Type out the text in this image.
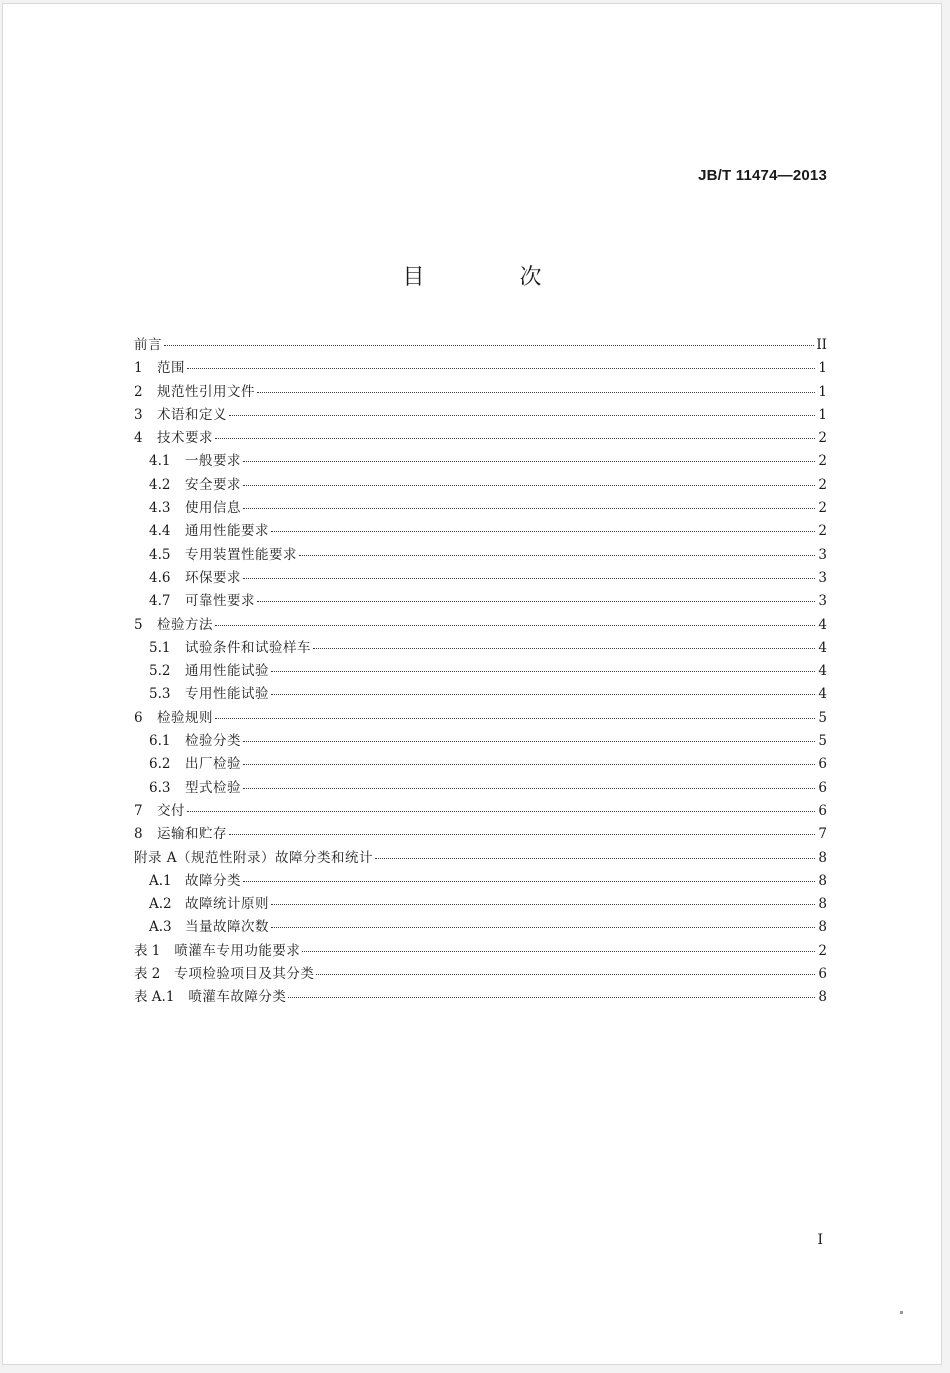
JB/T 11474—2013
目 次
前言	II
1	范围	1
2	规范性引用文件	1
3	术语和定义	1
4	技术要求	2
4.1	一般要求	2
4.2	安全要求	2
4.3	使用信息	2
4.4	通用性能要求	2
4.5	专用装置性能要求	3
4.6	环保要求	3
4.7	可靠性要求	3
5	检验方法	4
5.1	试验条件和试验样车	4
5.2	通用性能试验	4
5.3	专用性能试验	4
6	检验规则	5
6.1	检验分类	5
6.2	出厂检验	6
6.3	型式检验	6
7	交付	6
8	运输和贮存	7
附录 A（规范性附录）故障分类和统计	8
A.1 故障分类	8
A.2 故障统计原则	8
A.3 当量故障次数	8
表 1 喷灌车专用功能要求	2
表 2 专项检验项目及其分类	6
表 A.1 喷灌车故障分类	8
I
